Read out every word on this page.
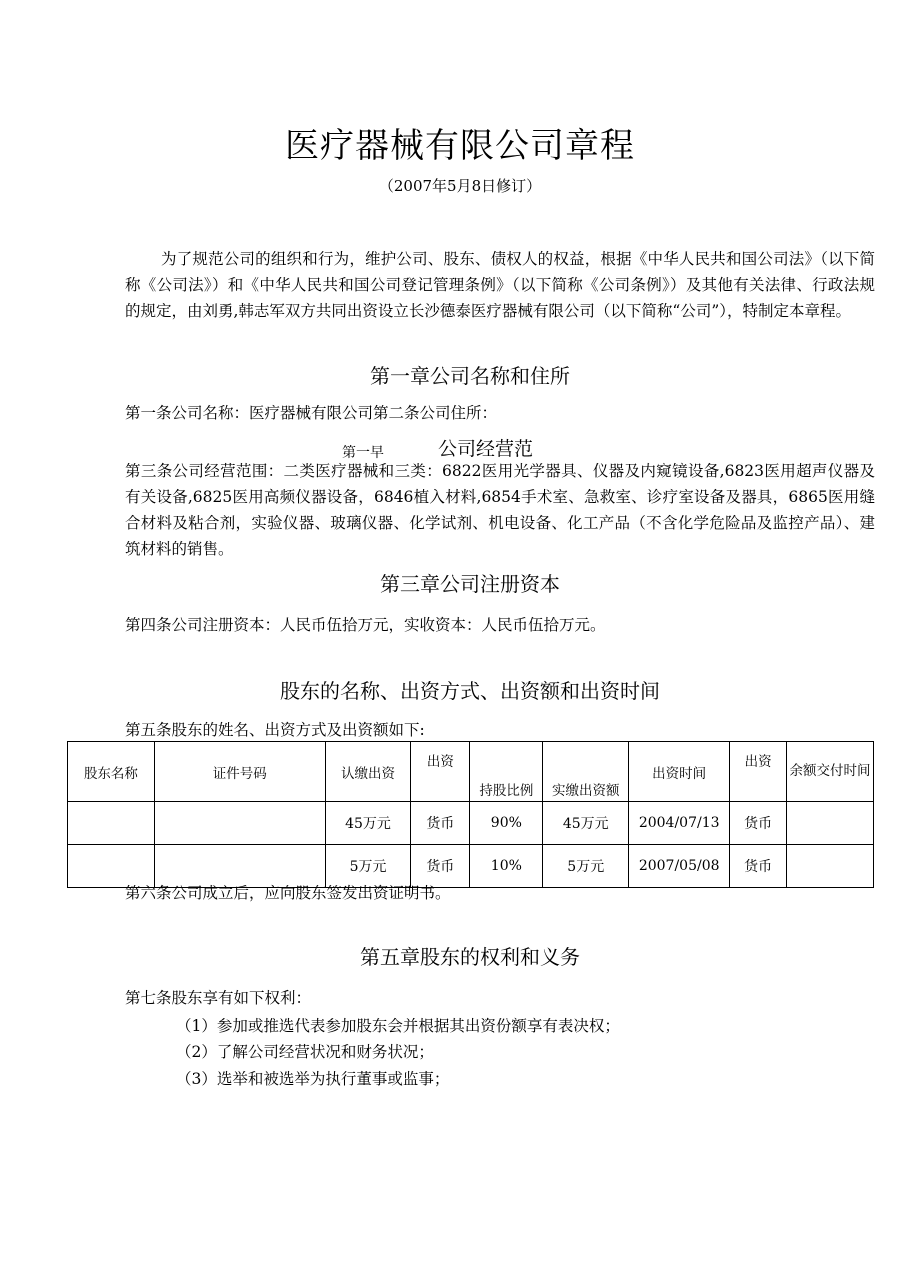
医疗器械有限公司章程
（2007年5月8日修订）
为了规范公司的组织和行为，维护公司、股东、债权人的权益，根据《中华人民共和国公司法》（以下简称《公司法》）和《中华人民共和国公司登记管理条例》（以下简称《公司条例》）及其他有关法律、行政法规的规定，由刘勇,韩志军双方共同出资设立长沙德泰医疗器械有限公司（以下简称“公司”），特制定本章程。
第一章公司名称和住所
第一条公司名称：医疗器械有限公司第二条公司住所：
第一早	公司经营范
第三条公司经营范围：二类医疗器械和三类：6822医用光学器具、仪器及内窥镜设备,6823医用超声仪器及有关设备,6825医用高频仪器设备，6846植入材料,6854手术室、急救室、诊疗室设备及器具，6865医用缝合材料及粘合剂，实验仪器、玻璃仪器、化学试剂、机电设备、化工产品（不含化学危险品及监控产品）、建筑材料的销售。
第三章公司注册资本
第四条公司注册资本：人民币伍拾万元，实收资本：人民币伍拾万元。
股东的名称、出资方式、出资额和出资时间
第五条股东的姓名、出资方式及出资额如下:
股东名称	证件号码	认缴出资	出资	持股比例	实缴出资额	出资时间	出资	余额交付时间
		45万元	货币	90%	45万元	2004/07/13	货币	
		5万元	货币	10%	5万元	2007/05/08	货币	
第六条公司成立后，应向股东签发出资证明书。
第五章股东的权利和义务
第七条股东享有如下权利：
（1）参加或推选代表参加股东会并根据其出资份额享有表决权；
（2）了解公司经营状况和财务状况；
（3）选举和被选举为执行董事或监事；
